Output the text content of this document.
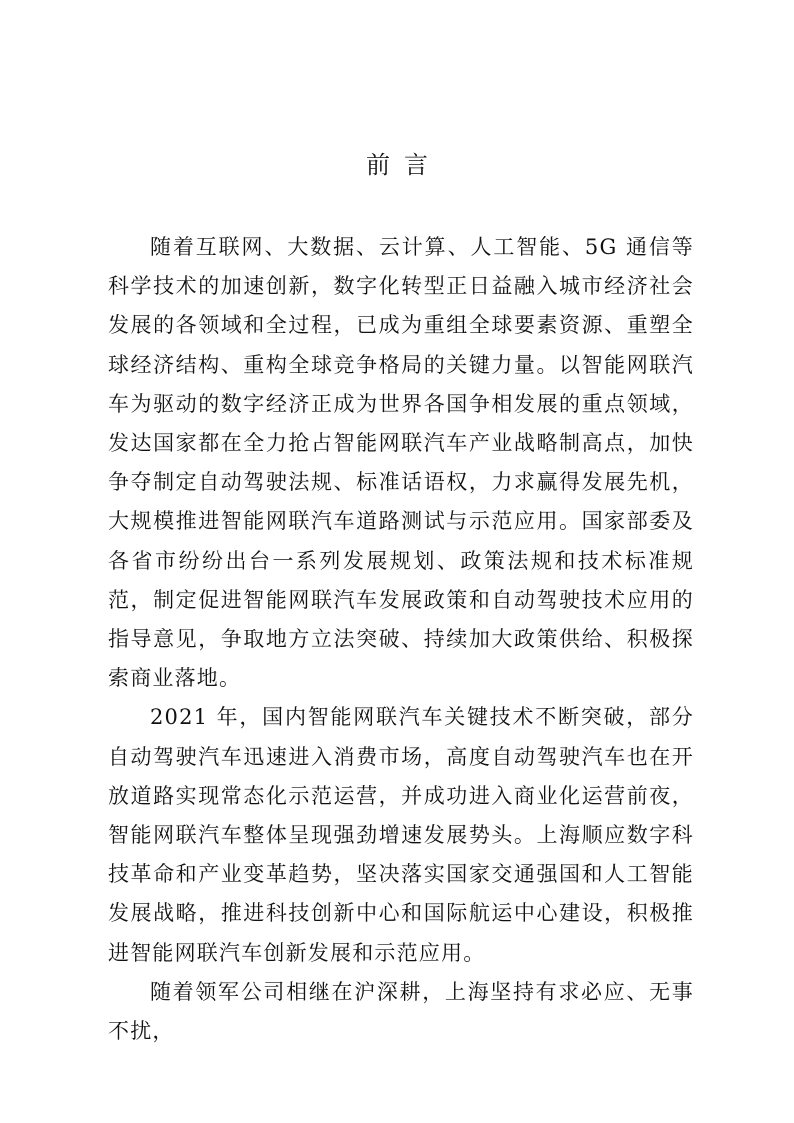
前言

随着互联网、大数据、云计算、人工智能、5G 通信等科学技术的加速创新，数字化转型正日益融入城市经济社会发展的各领域和全过程，已成为重组全球要素资源、重塑全球经济结构、重构全球竞争格局的关键力量。以智能网联汽车为驱动的数字经济正成为世界各国争相发展的重点领域，发达国家都在全力抢占智能网联汽车产业战略制高点，加快争夺制定自动驾驶法规、标准话语权，力求赢得发展先机，大规模推进智能网联汽车道路测试与示范应用。国家部委及各省市纷纷出台一系列发展规划、政策法规和技术标准规范，制定促进智能网联汽车发展政策和自动驾驶技术应用的指导意见，争取地方立法突破、持续加大政策供给、积极探索商业落地。

2021 年，国内智能网联汽车关键技术不断突破，部分自动驾驶汽车迅速进入消费市场，高度自动驾驶汽车也在开放道路实现常态化示范运营，并成功进入商业化运营前夜，智能网联汽车整体呈现强劲增速发展势头。上海顺应数字科技革命和产业变革趋势，坚决落实国家交通强国和人工智能发展战略，推进科技创新中心和国际航运中心建设，积极推进智能网联汽车创新发展和示范应用。

随着领军公司相继在沪深耕，上海坚持有求必应、无事不扰，
